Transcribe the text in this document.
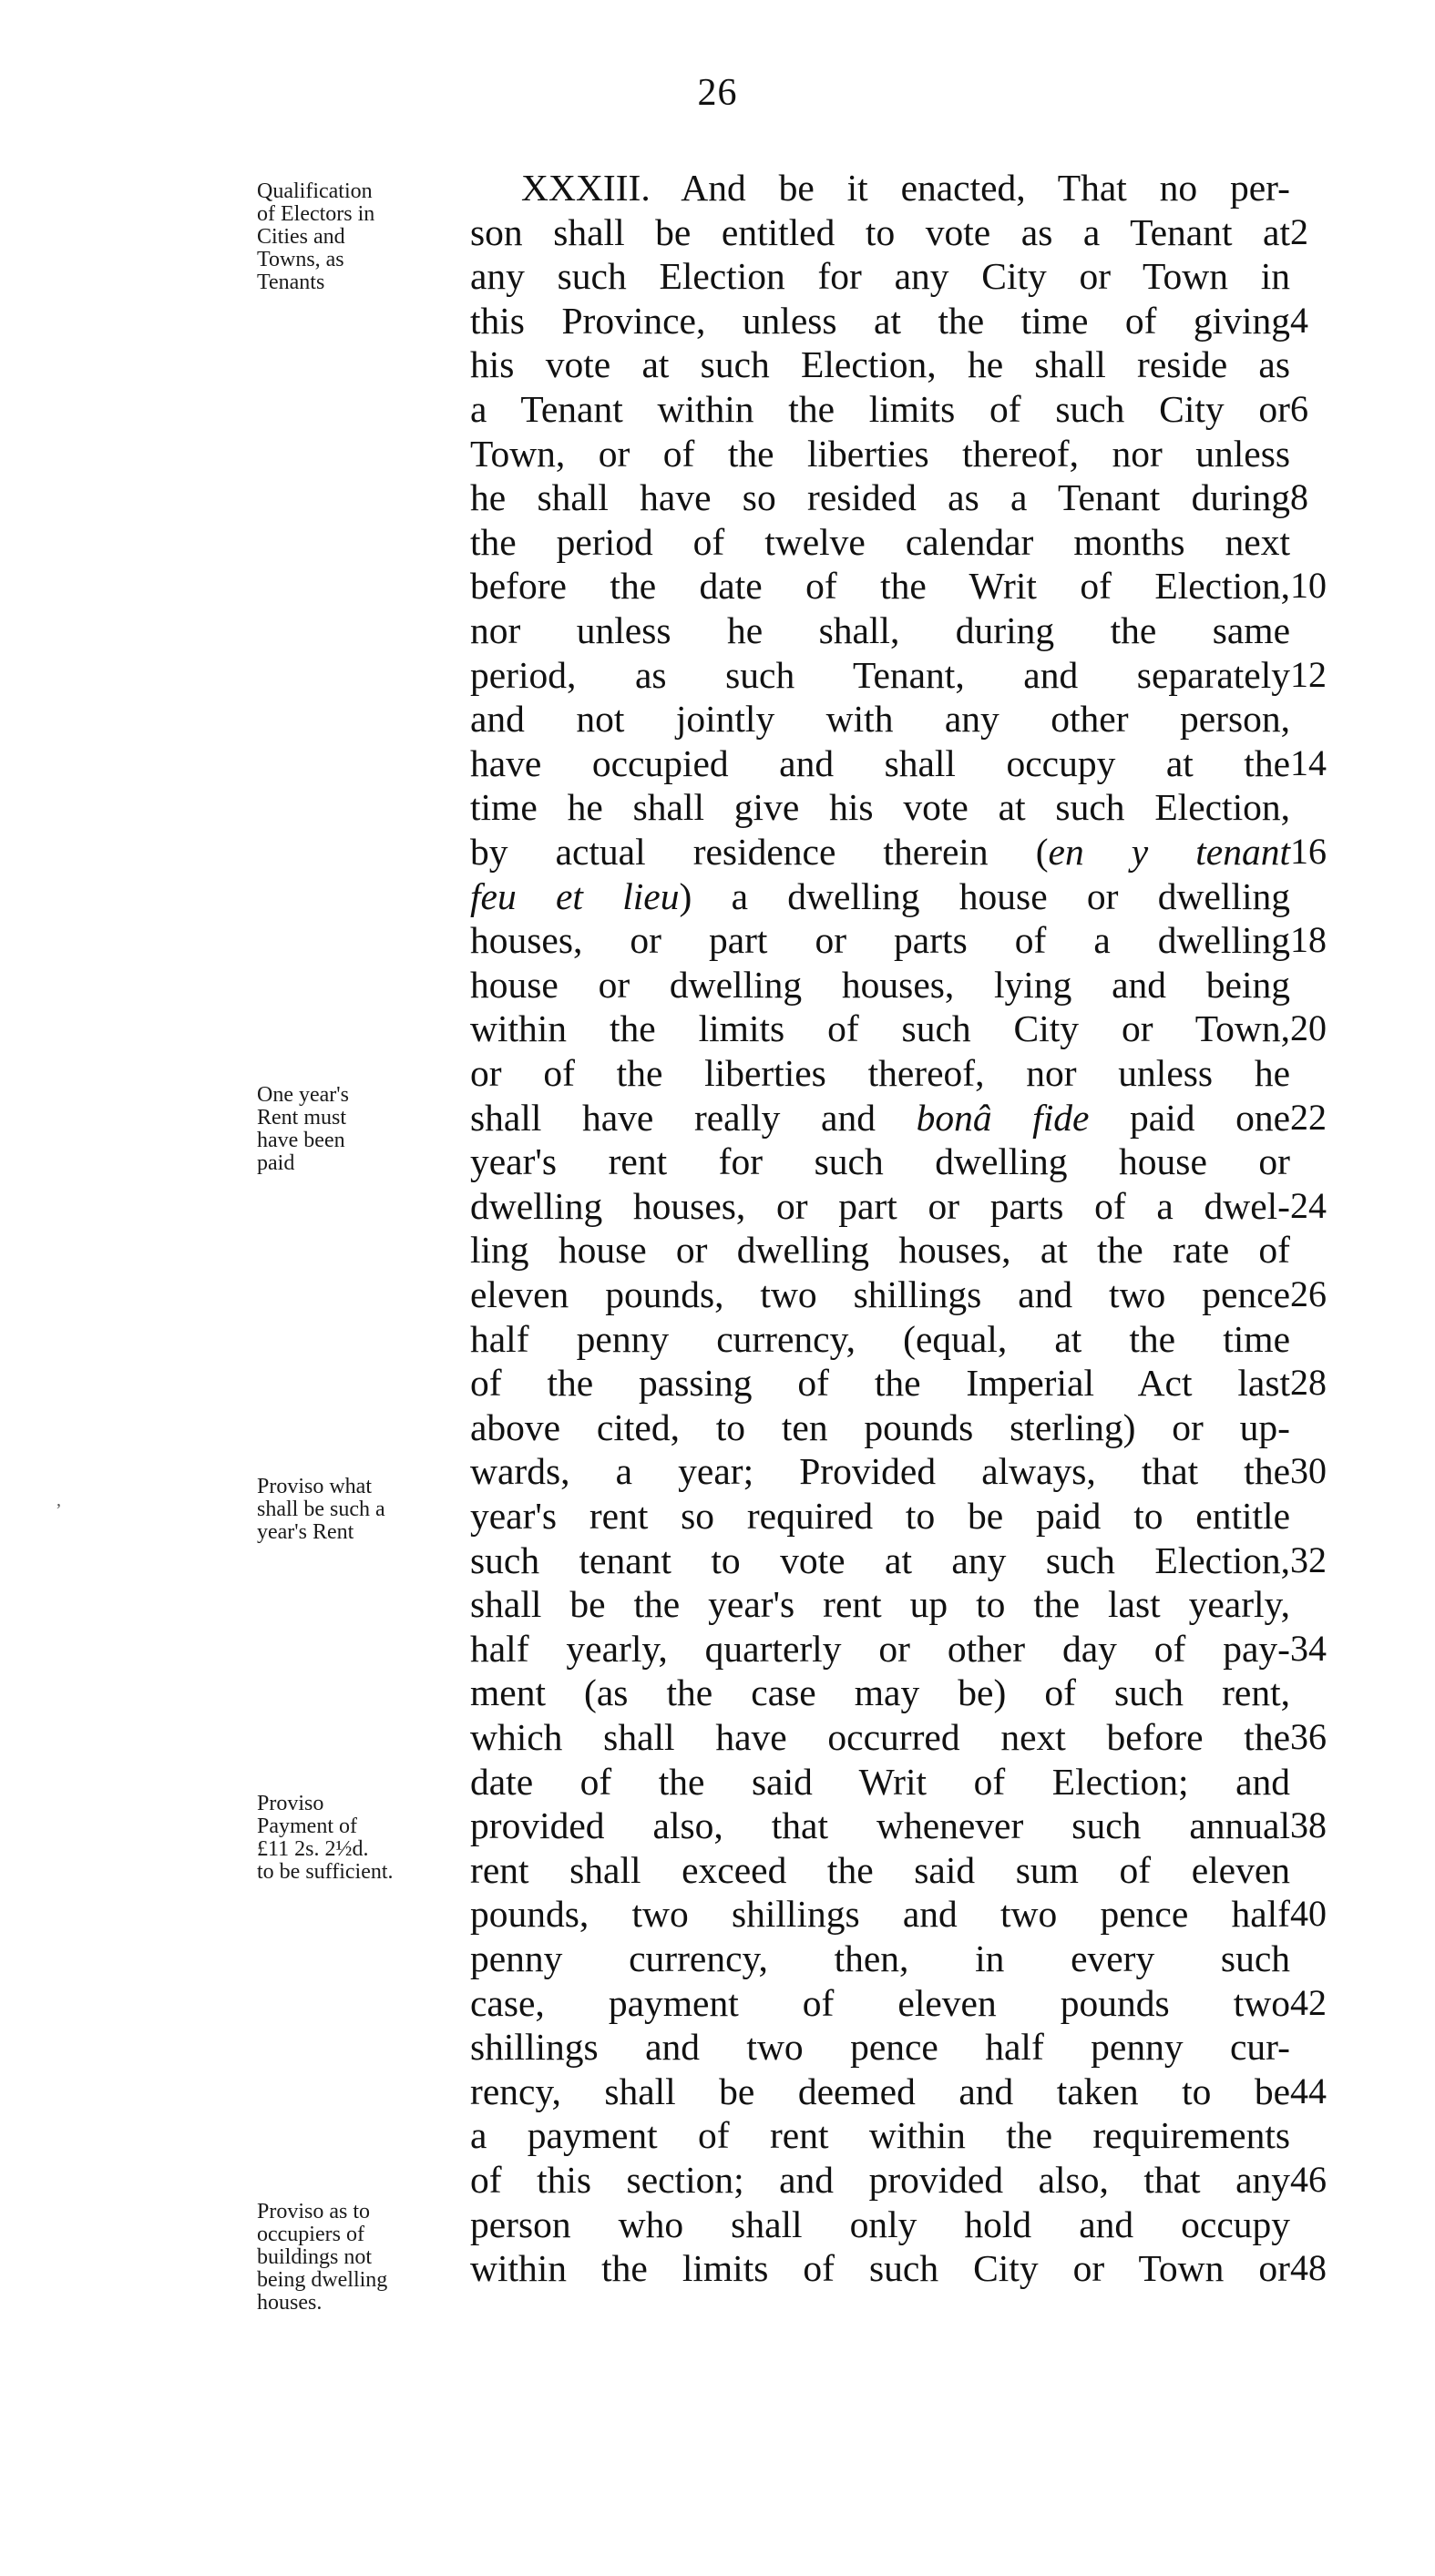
26
Qualification
of Electors in
Cities and
Towns, as
Tenants
One year's
Rent must
have been
paid
Proviso what
shall be such a
year's Rent
Proviso
Payment of
£11 2s. 2½d.
to be sufficient.
Proviso as to
occupiers of
buildings not
being dwelling
houses.
XXXIII. And be it enacted, That no per-
son shall be entitled to vote as a Tenant at 2
any such Election for any City or Town in
this Province, unless at the time of giving 4
his vote at such Election, he shall reside as
a Tenant within the limits of such City or 6
Town, or of the liberties thereof, nor unless
he shall have so resided as a Tenant during 8
the period of twelve calendar months next
before the date of the Writ of Election, 10
nor unless he shall, during the same
period, as such Tenant, and separately 12
and not jointly with any other person,
have occupied and shall occupy at the 14
time he shall give his vote at such Election,
by actual residence therein (en y tenant 16
feu et lieu) a dwelling house or dwelling
houses, or part or parts of a dwelling 18
house or dwelling houses, lying and being
within the limits of such City or Town, 20
or of the liberties thereof, nor unless he
shall have really and bonâ fide paid one 22
year's rent for such dwelling house or
dwelling houses, or part or parts of a dwel- 24
ling house or dwelling houses, at the rate of
eleven pounds, two shillings and two pence 26
half penny currency, (equal, at the time
of the passing of the Imperial Act last 28
above cited, to ten pounds sterling) or up-
wards, a year; Provided always, that the 30
year's rent so required to be paid to entitle
such tenant to vote at any such Election, 32
shall be the year's rent up to the last yearly,
half yearly, quarterly or other day of pay- 34
ment (as the case may be) of such rent,
which shall have occurred next before the 36
date of the said Writ of Election; and
provided also, that whenever such annual 38
rent shall exceed the said sum of eleven
pounds, two shillings and two pence half 40
penny currency, then, in every such
case, payment of eleven pounds two 42
shillings and two pence half penny cur-
rency, shall be deemed and taken to be 44
a payment of rent within the requirements
of this section; and provided also, that any 46
person who shall only hold and occupy
within the limits of such City or Town or 48
,
